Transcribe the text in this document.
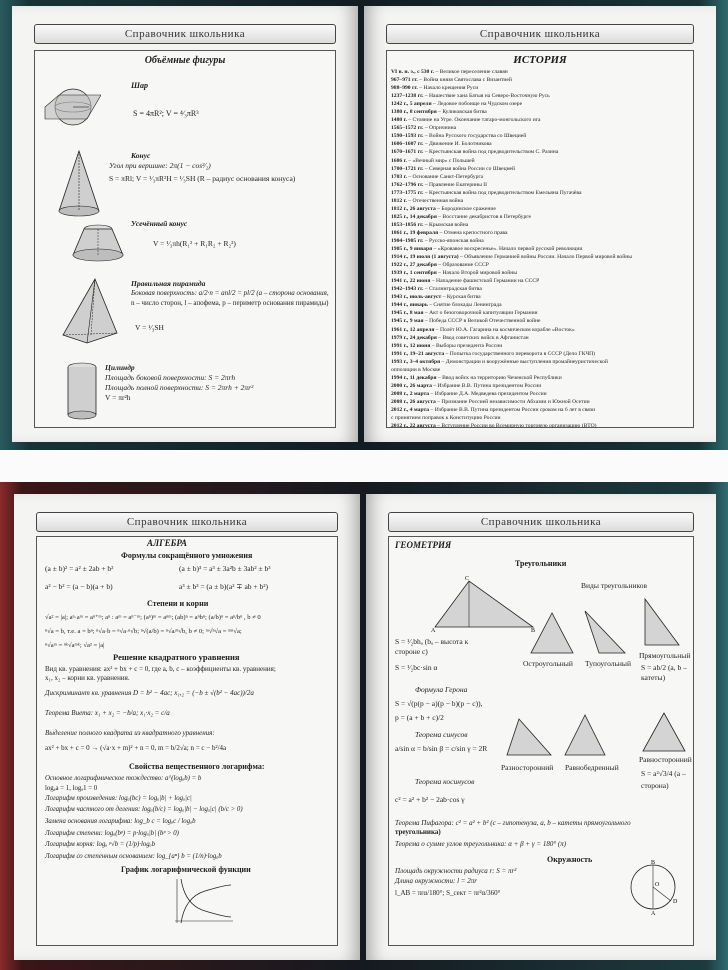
Справочник школьника
Объёмные фигуры
Шар
S = 4πR²; V = ⁴⁄₃πR³
Конус
Угол при вершине: 2π(1 − cos²⁄₂)
S = πRl; V = ¹⁄₃πR²H = ¹⁄₃SH (R – радиус основания конуса)
Усечённый конус
V = ¹⁄₃πh(R₁² + R₁R₂ + R₂²)
Правильная пирамида
Боковая поверхность: a/2·n = anl/2 = pl/2 (a – сторона основания,
n – число сторон, l – апофема, p – периметр основания пирамиды)
V = ¹⁄₃SH
Цилиндр
Площадь боковой поверхности: S = 2πrh
Площадь полной поверхности: S = 2πrh + 2πr²
V = πr²h
Справочник школьника
ИСТОРИЯ
VI в. н. э., с 530 г. – Великое переселение славян
967–971 гг. – Война князя Святослава с Византией
988–990 гг. – Начало крещения Руси
1237–1238 гг. – Нашествие хана Батыя на Северо-Восточную Русь
1242 г., 5 апреля – Ледовое побоище на Чудском озере
1380 г., 8 сентября – Куликовская битва
1480 г. – Стояние на Угре. Окончание татаро-монгольского ига
1565–1572 гг. – Опричнина
1590–1593 гг. – Война Русского государства со Швецией
1606–1607 гг. – Движение И. Болотникова
1670–1671 гг. – Крестьянская война под предводительством С. Разина
1686 г. – «Вечный мир» с Польшей
1700–1721 гг. – Северная война России со Швецией
1703 г. – Основание Санкт-Петербурга
1762–1796 гг. – Правление Екатерины II
1773–1775 гг. – Крестьянская война под предводительством Емельяна Пугачёва
1812 г. – Отечественная война
1812 г., 26 августа – Бородинское сражение
1825 г., 14 декабря – Восстание декабристов в Петербурге
1853–1856 гг. – Крымская война
1861 г., 19 февраля – Отмена крепостного права
1904–1905 гг. – Русско-японская война
1905 г., 9 января – «Кровавое воскресенье». Начало первой русской революции
1914 г., 19 июля (1 августа) – Объявление Германией войны России. Начало Первой мировой войны
1922 г., 27 декабря – Образование СССР
1939 г., 1 сентября – Начало Второй мировой войны
1941 г., 22 июня – Нападение фашистской Германии на СССР
1942–1943 гг. – Сталинградская битва
1943 г., июль-август – Курская битва
1944 г., январь – Снятие блокады Ленинграда
1945 г., 8 мая – Акт о безоговорочной капитуляции Германии
1945 г., 9 мая – Победа СССР в Великой Отечественной войне
1961 г., 12 апреля – Полёт Ю.А. Гагарина на космическом корабле «Восток»
1979 г., 24 декабря – Ввод советских войск в Афганистан
1991 г., 12 июня – Выборы президента России
1991 г., 19–21 августа – Попытка государственного переворота в СССР (Дело ГКЧП)
1993 г., 3–4 октября – Демонстрации и вооружённые выступления промайнеуристической
оппозиции в Москве
1994 г., 11 декабря – Ввод войск на территорию Чеченской Республики
2000 г., 26 марта – Избрание В.В. Путина президентом России
2008 г., 2 марта – Избрание Д.А. Медведева президентом России
2008 г., 26 августа – Признание Россией независимости Абхазии и Южной Осетии
2012 г., 4 марта – Избрание В.В. Путина президентом России сроком на 6 лет в связи
с принятием поправок к Конституцию России
2012 г., 22 августа – Вступление России во Всемирную торговую организацию (ВТО)
Справочник школьника
АЛГЕБРА
Формулы сокращённого умножения
(a ± b)² = a² ± 2ab + b²	(a ± b)³ = a³ ± 3a²b ± 3ab² ± b³
a² − b² = (a − b)(a + b)	a³ ± b³ = (a ± b)(a² ∓ ab + b²)
Степени и корни
√a² = |a|; aⁿ·aᵐ = aⁿ⁺ᵐ; aⁿ : aᵐ = aⁿ⁻ᵐ; (aⁿ)ᵐ = aⁿᵐ; (ab)ⁿ = aⁿbⁿ; (a/b)ⁿ = aⁿ/bⁿ , b ≠ 0
ⁿ√a = b, т.е. a = bⁿ; ⁿ√a·b = ⁿ√a·ⁿ√b; ⁿ√(a/b) = ⁿ√a/ⁿ√b, b ≠ 0; ᵐ√ⁿ√a = ᵐⁿ√a;
ⁿ√aᵐ = ⁿᵏ√aᵐᵏ; √a² = |a|
Решение квадратного уравнения
Вид кв. уравнения: ax² + bx + c = 0, где a, b, c – коэффициенты кв. уравнения;
x₁, x₂ – корни кв. уравнения.
Дискриминант кв. уравнения D = b² − 4ac; x₁,₂ = (−b ± √(b² − 4ac))/2a
Теорема Виета: x₁ + x₂ = −b/a; x₁·x₂ = c/a
Выделение полного квадрата из квадратного уравнения:
ax² + bx + c = 0 → (√a·x + m)² + n = 0, m = b/2√a; n = c − b²/4a
Свойства вещественного логарифма:
Основное логарифмическое тождество: a^(logₐb) = b
logₐa = 1, logₐ1 = 0
Логарифм произведения: logₐ(bc) = logₐ|b| + logₐ|c|
Логарифм частного от деления: logₐ(b/c) = logₐ|b| − logₐ|c| (b/c > 0)
Замена основания логарифма: log_b c = logₐc / logₐb
Логарифм степени: logₐ(bᵖ) = p·logₐ|b| (bᵖ > 0)
Логарифм корня: logₐ ᵖ√b = (1/p)·logₐb
Логарифм со степенным основанием: log_{aⁿ} b = (1/n)·logₐb
График логарифмической функции
Справочник школьника
ГЕОМЕТРИЯ
Треугольники
C
A	B
Виды треугольников
S = ¹⁄₂bhₐ (bₐ – высота к
стороне c)
S = ¹⁄₂bc·sin α	Остроугольный Тупоугольный
Прямоугольный
S = ab/2 (a, b –
катеты)
Формула Герона
S = √(p(p − a)(p − b)(p − c)),
p = (a + b + c)/2
Теорема синусов
a/sin α = b/sin β = c/sin γ = 2R
Разносторонний Равнобедренный
Равносторонний
S = a²√3/4 (a –
сторона)
Теорема косинусов
c² = a² + b² − 2ab·cos γ
Теорема Пифагора: c² = a² + b² (c – гипотенуза, a, b – катеты прямоугольного
треугольника)
Теорема о сумме углов треугольника: α + β + γ = 180° (π)
Окружность
Площадь окружности радиуса r: S = πr²
Длина окружности: l = 2πr
l_AB = πrα/180°; S_сект = πr²α/360°
B
A
O
D
